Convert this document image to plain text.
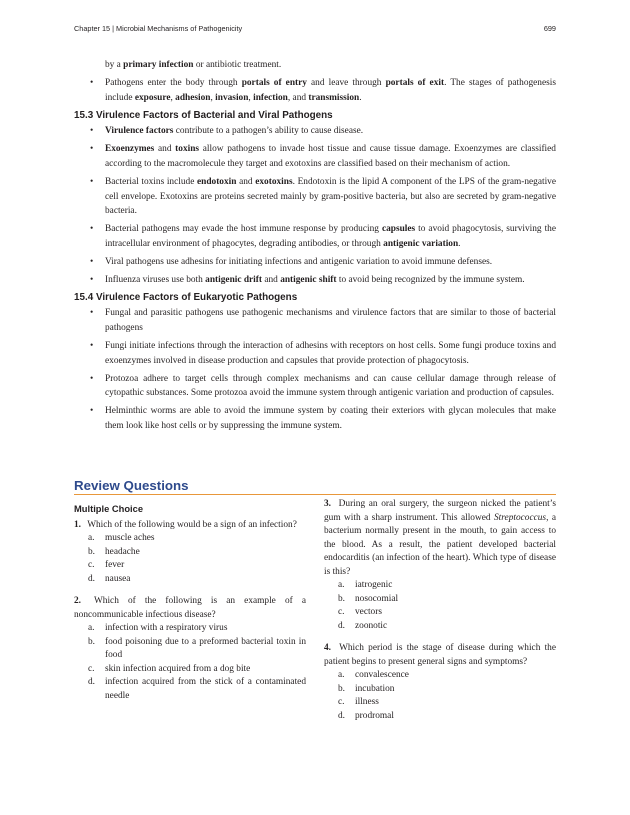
Chapter 15 | Microbial Mechanisms of Pathogenicity	699
by a primary infection or antibiotic treatment.
• Pathogens enter the body through portals of entry and leave through portals of exit. The stages of pathogenesis include exposure, adhesion, invasion, infection, and transmission.
15.3 Virulence Factors of Bacterial and Viral Pathogens
• Virulence factors contribute to a pathogen’s ability to cause disease.
• Exoenzymes and toxins allow pathogens to invade host tissue and cause tissue damage. Exoenzymes are classified according to the macromolecule they target and exotoxins are classified based on their mechanism of action.
• Bacterial toxins include endotoxin and exotoxins. Endotoxin is the lipid A component of the LPS of the gram-negative cell envelope. Exotoxins are proteins secreted mainly by gram-positive bacteria, but also are secreted by gram-negative bacteria.
• Bacterial pathogens may evade the host immune response by producing capsules to avoid phagocytosis, surviving the intracellular environment of phagocytes, degrading antibodies, or through antigenic variation.
• Viral pathogens use adhesins for initiating infections and antigenic variation to avoid immune defenses.
• Influenza viruses use both antigenic drift and antigenic shift to avoid being recognized by the immune system.
15.4 Virulence Factors of Eukaryotic Pathogens
• Fungal and parasitic pathogens use pathogenic mechanisms and virulence factors that are similar to those of bacterial pathogens
• Fungi initiate infections through the interaction of adhesins with receptors on host cells. Some fungi produce toxins and exoenzymes involved in disease production and capsules that provide protection of phagocytosis.
• Protozoa adhere to target cells through complex mechanisms and can cause cellular damage through release of cytopathic substances. Some protozoa avoid the immune system through antigenic variation and production of capsules.
• Helminthic worms are able to avoid the immune system by coating their exteriors with glycan molecules that make them look like host cells or by suppressing the immune system.
Review Questions
Multiple Choice
1. Which of the following would be a sign of an infection?
a. muscle aches
b. headache
c. fever
d. nausea
2. Which of the following is an example of a noncommunicable infectious disease?
a. infection with a respiratory virus
b. food poisoning due to a preformed bacterial toxin in food
c. skin infection acquired from a dog bite
d. infection acquired from the stick of a contaminated needle
3. During an oral surgery, the surgeon nicked the patient’s gum with a sharp instrument. This allowed Streptococcus, a bacterium normally present in the mouth, to gain access to the blood. As a result, the patient developed bacterial endocarditis (an infection of the heart). Which type of disease is this?
a. iatrogenic
b. nosocomial
c. vectors
d. zoonotic
4. Which period is the stage of disease during which the patient begins to present general signs and symptoms?
a. convalescence
b. incubation
c. illness
d. prodromal
